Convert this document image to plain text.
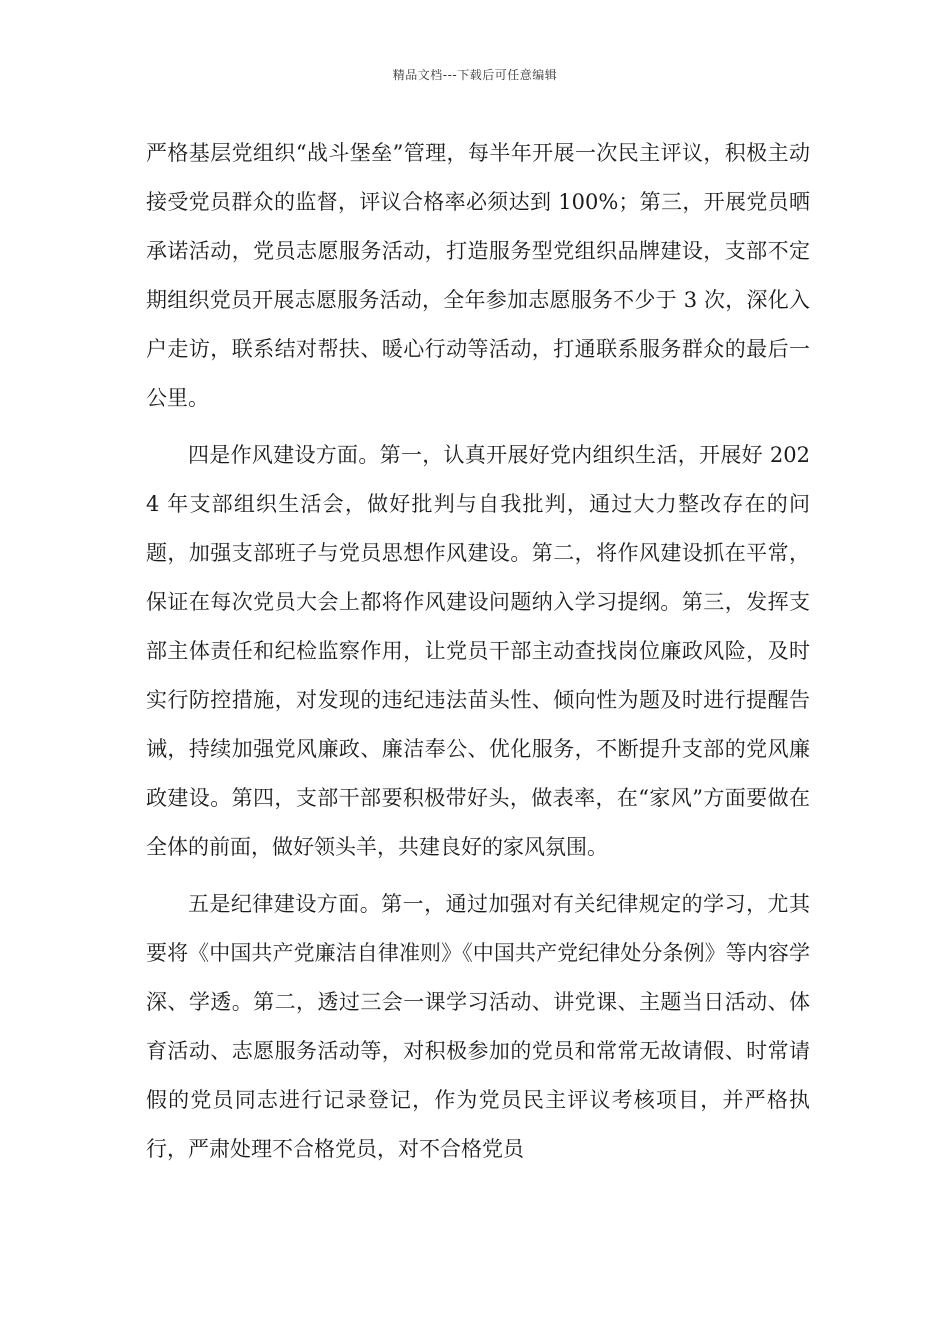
精品文档---下载后可任意编辑

严格基层党组织“战斗堡垒”管理，每半年开展一次民主评议，积极主动接受党员群众的监督，评议合格率必须达到 100%；第三，开展党员晒承诺活动，党员志愿服务活动，打造服务型党组织品牌建设，支部不定期组织党员开展志愿服务活动，全年参加志愿服务不少于 3 次，深化入户走访，联系结对帮扶、暖心行动等活动，打通联系服务群众的最后一公里。

四是作风建设方面。第一，认真开展好党内组织生活，开展好 2024 年支部组织生活会，做好批判与自我批判，通过大力整改存在的问题，加强支部班子与党员思想作风建设。第二，将作风建设抓在平常，保证在每次党员大会上都将作风建设问题纳入学习提纲。第三，发挥支部主体责任和纪检监察作用，让党员干部主动查找岗位廉政风险，及时实行防控措施，对发现的违纪违法苗头性、倾向性为题及时进行提醒告诫，持续加强党风廉政、廉洁奉公、优化服务，不断提升支部的党风廉政建设。第四，支部干部要积极带好头，做表率，在“家风”方面要做在全体的前面，做好领头羊，共建良好的家风氛围。

五是纪律建设方面。第一，通过加强对有关纪律规定的学习，尤其要将《中国共产党廉洁自律准则》《中国共产党纪律处分条例》等内容学深、学透。第二，透过三会一课学习活动、讲党课、主题当日活动、体育活动、志愿服务活动等，对积极参加的党员和常常无故请假、时常请假的党员同志进行记录登记，作为党员民主评议考核项目，并严格执行，严肃处理不合格党员，对不合格党员
